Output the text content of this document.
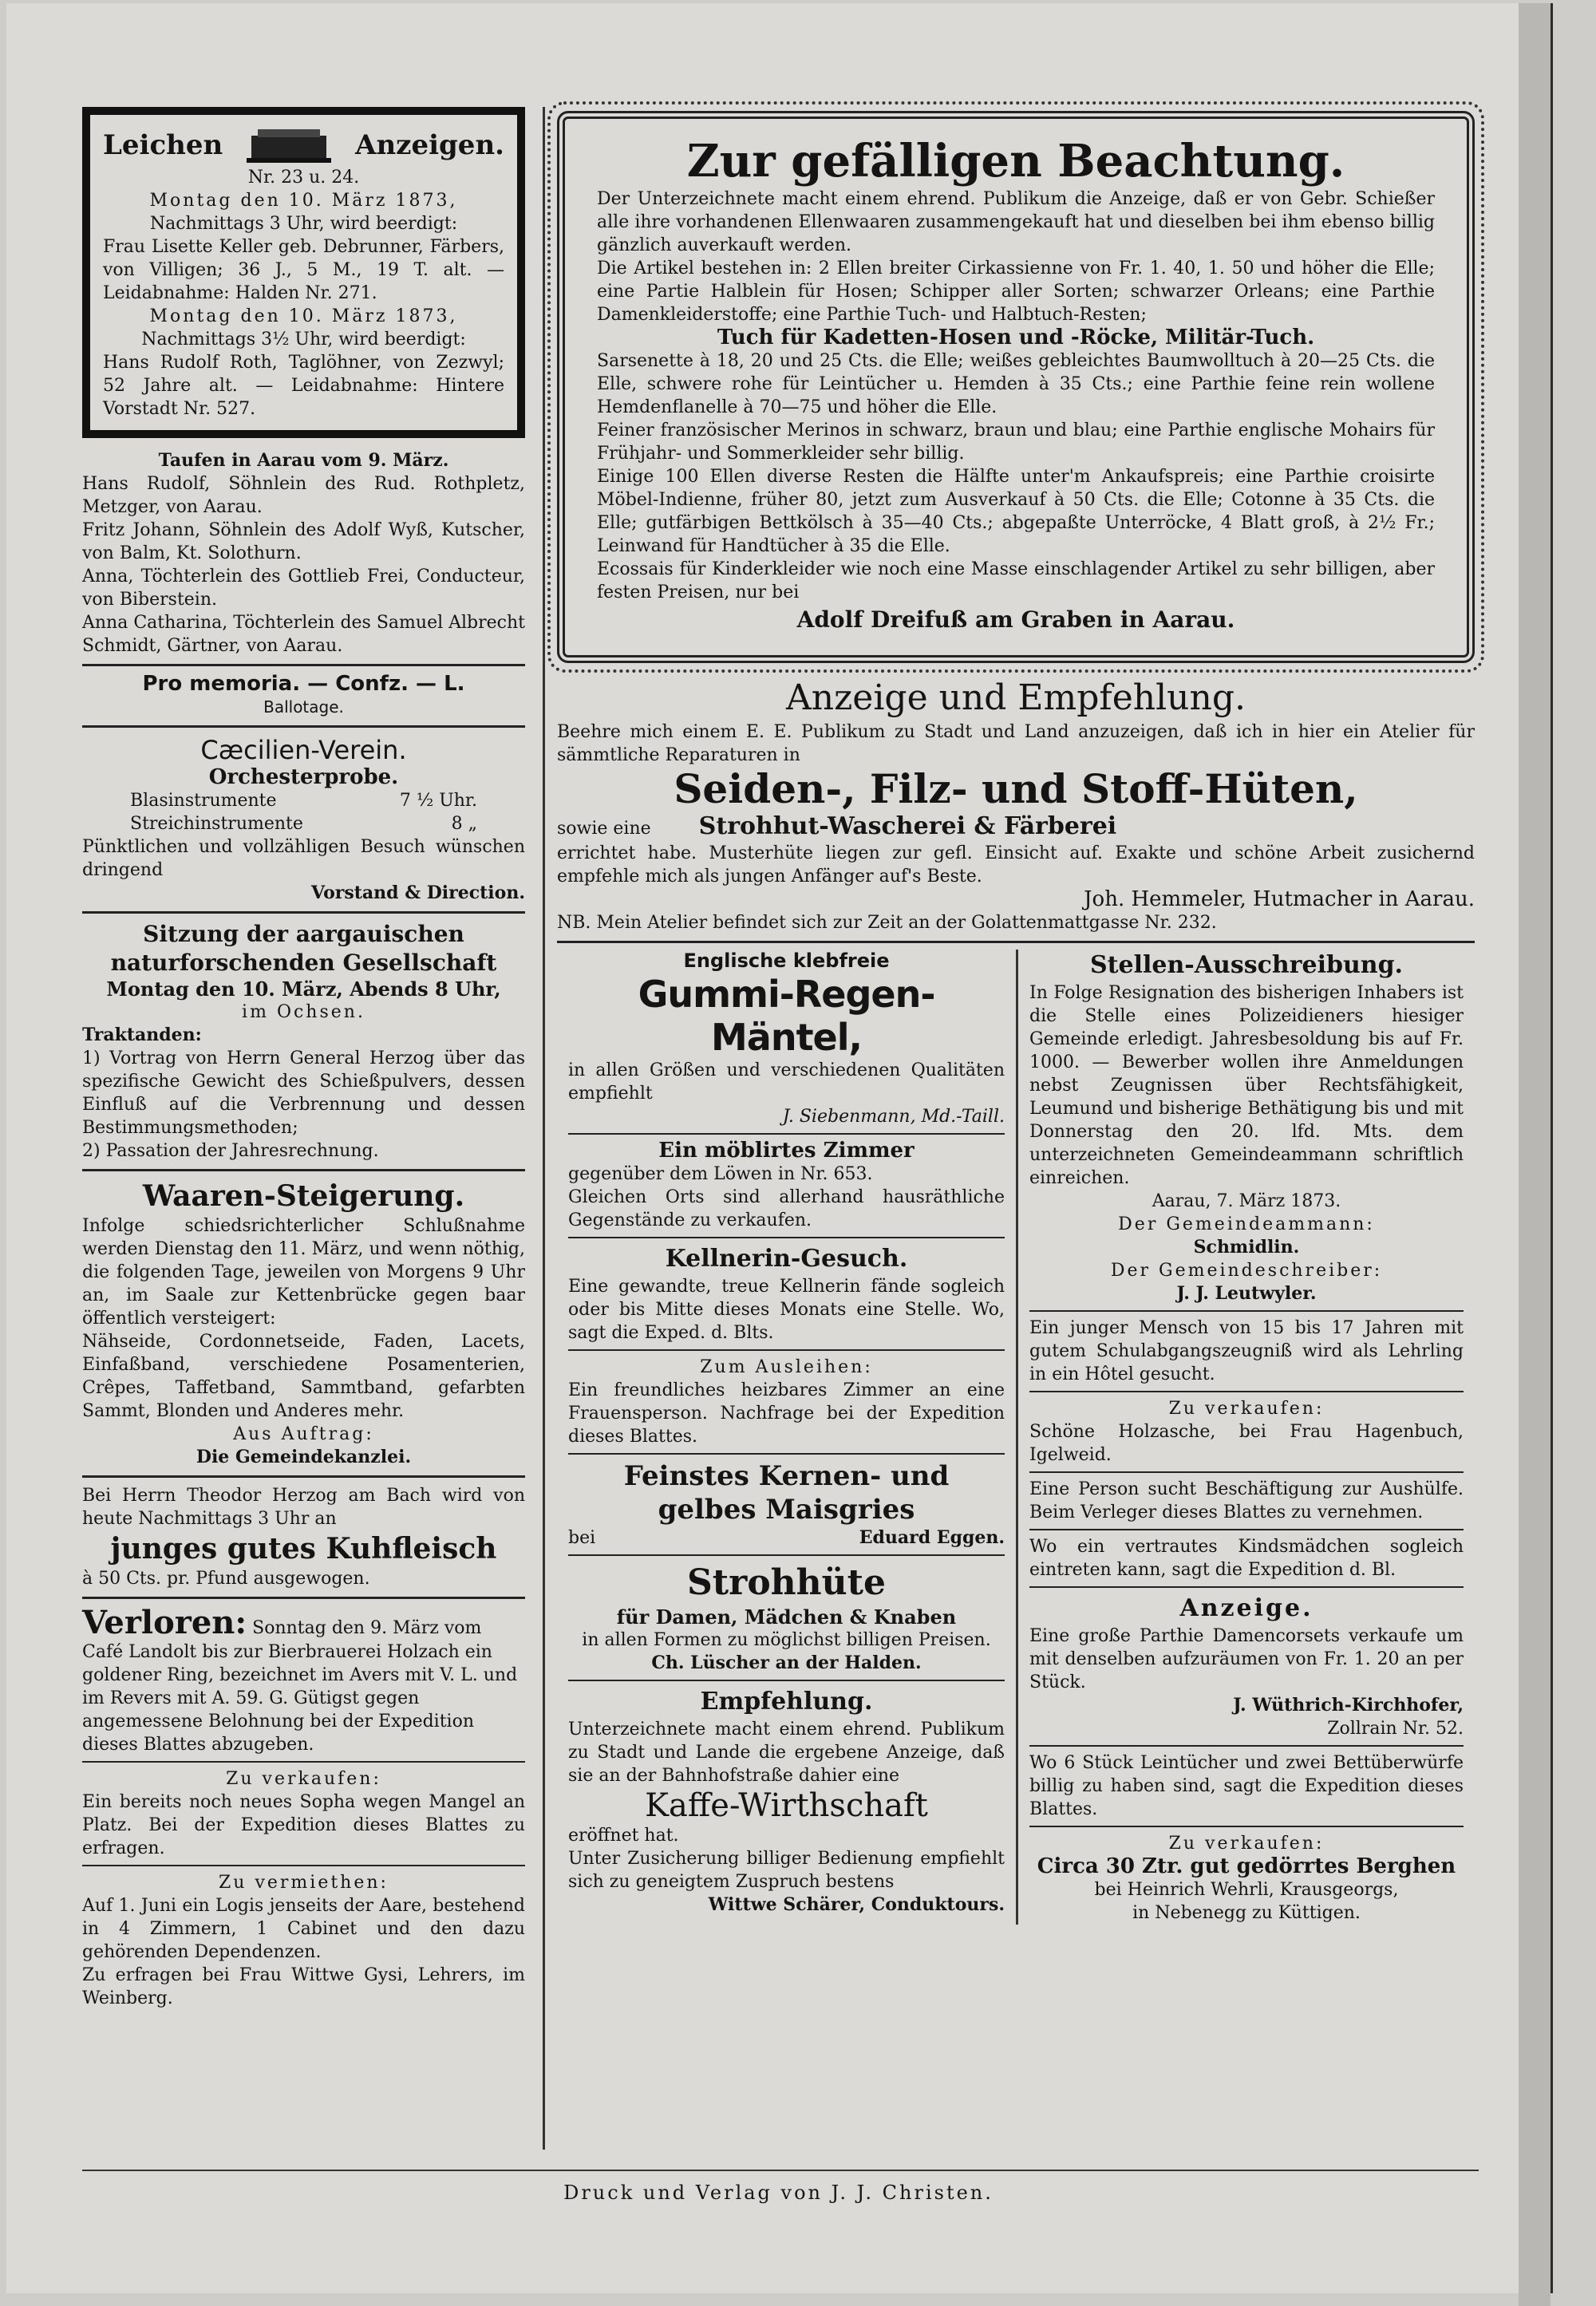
Leichen	Anzeigen.
Nr. 23 u. 24.
Montag den 10. März 1873,
Nachmittags 3 Uhr, wird beerdigt:
Frau Lisette Keller geb. Debrunner, Färbers, von Villigen; 36 J., 5 M., 19 T. alt. — Leidabnahme: Halden Nr. 271.
Montag den 10. März 1873,
Nachmittags 3½ Uhr, wird beerdigt:
Hans Rudolf Roth, Taglöhner, von Zezwyl; 52 Jahre alt. — Leidabnahme: Hintere Vorstadt Nr. 527.
Taufen in Aarau vom 9. März.
Hans Rudolf, Söhnlein des Rud. Rothpletz, Metzger, von Aarau.
Fritz Johann, Söhnlein des Adolf Wyß, Kutscher, von Balm, Kt. Solothurn.
Anna, Töchterlein des Gottlieb Frei, Conducteur, von Biberstein.
Anna Catharina, Töchterlein des Samuel Albrecht Schmidt, Gärtner, von Aarau.
Pro memoria. — Confz. — L.
Ballotage.
Cæcilien-Verein.
Orchesterprobe.
Blasinstrumente	7 ½ Uhr.
Streichinstrumente	8 „
Pünktlichen und vollzähligen Besuch wünschen dringend
Vorstand & Direction.
Sitzung der aargauischen naturforschenden Gesellschaft
Montag den 10. März, Abends 8 Uhr,
im Ochsen.
Traktanden:
1) Vortrag von Herrn General Herzog über das spezifische Gewicht des Schießpulvers, dessen Einfluß auf die Verbrennung und dessen Bestimmungsmethoden;
2) Passation der Jahresrechnung.
Waaren-Steigerung.
Infolge schiedsrichterlicher Schlußnahme werden Dienstag den 11. März, und wenn nöthig, die folgenden Tage, jeweilen von Morgens 9 Uhr an, im Saale zur Kettenbrücke gegen baar öffentlich versteigert:
Nähseide, Cordonnetseide, Faden, Lacets, Einfaßband, verschiedene Posamenterien, Crêpes, Taffetband, Sammtband, gefarbten Sammt, Blonden und Anderes mehr.
Aus Auftrag:
Die Gemeindekanzlei.
Bei Herrn Theodor Herzog am Bach wird von heute Nachmittags 3 Uhr an
junges gutes Kuhfleisch
à 50 Cts. pr. Pfund ausgewogen.
Verloren: Sonntag den 9. März vom Café Landolt bis zur Bierbrauerei Holzach ein goldener Ring, bezeichnet im Avers mit V. L. und im Revers mit A. 59. G. Gütigst gegen angemessene Belohnung bei der Expedition dieses Blattes abzugeben.
Zu verkaufen:
Ein bereits noch neues Sopha wegen Mangel an Platz. Bei der Expedition dieses Blattes zu erfragen.
Zu vermiethen:
Auf 1. Juni ein Logis jenseits der Aare, bestehend in 4 Zimmern, 1 Cabinet und den dazu gehörenden Dependenzen.
Zu erfragen bei Frau Wittwe Gysi, Lehrers, im Weinberg.
Zur gefälligen Beachtung.
Der Unterzeichnete macht einem ehrend. Publikum die Anzeige, daß er von Gebr. Schießer alle ihre vorhandenen Ellenwaaren zusammengekauft hat und dieselben bei ihm ebenso billig gänzlich auverkauft werden.
Die Artikel bestehen in: 2 Ellen breiter Cirkassienne von Fr. 1. 40, 1. 50 und höher die Elle; eine Partie Halblein für Hosen; Schipper aller Sorten; schwarzer Orleans; eine Parthie Damenkleiderstoffe; eine Parthie Tuch- und Halbtuch-Resten;
Tuch für Kadetten-Hosen und -Röcke, Militär-Tuch.
Sarsenette à 18, 20 und 25 Cts. die Elle; weißes gebleichtes Baumwolltuch à 20—25 Cts. die Elle, schwere rohe für Leintücher u. Hemden à 35 Cts.; eine Parthie feine rein wollene Hemdenflanelle à 70—75 und höher die Elle.
Feiner französischer Merinos in schwarz, braun und blau; eine Parthie englische Mohairs für Frühjahr- und Sommerkleider sehr billig.
Einige 100 Ellen diverse Resten die Hälfte unter'm Ankaufspreis; eine Parthie croisirte Möbel-Indienne, früher 80, jetzt zum Ausverkauf à 50 Cts. die Elle; Cotonne à 35 Cts. die Elle; gutfärbigen Bettkölsch à 35—40 Cts.; abgepaßte Unterröcke, 4 Blatt groß, à 2½ Fr.; Leinwand für Handtücher à 35 die Elle.
Ecossais für Kinderkleider wie noch eine Masse einschlagender Artikel zu sehr billigen, aber festen Preisen, nur bei
Adolf Dreifuß am Graben in Aarau.
Anzeige und Empfehlung.
Beehre mich einem E. E. Publikum zu Stadt und Land anzuzeigen, daß ich in hier ein Atelier für sämmtliche Reparaturen in
Seiden-, Filz- und Stoff-Hüten,
sowie eine Strohhut-Wascherei & Färberei
errichtet habe. Musterhüte liegen zur gefl. Einsicht auf. Exakte und schöne Arbeit zusichernd empfehle mich als jungen Anfänger auf's Beste.
Joh. Hemmeler, Hutmacher in Aarau.
NB. Mein Atelier befindet sich zur Zeit an der Golattenmattgasse Nr. 232.
Englische klebfreie
Gummi-Regen-Mäntel,
in allen Größen und verschiedenen Qualitäten empfiehlt
J. Siebenmann, Md.-Taill.
Ein möblirtes Zimmer
gegenüber dem Löwen in Nr. 653.
Gleichen Orts sind allerhand hausräthliche Gegenstände zu verkaufen.
Kellnerin-Gesuch.
Eine gewandte, treue Kellnerin fände sogleich oder bis Mitte dieses Monats eine Stelle. Wo, sagt die Exped. d. Blts.
Zum Ausleihen:
Ein freundliches heizbares Zimmer an eine Frauensperson. Nachfrage bei der Expedition dieses Blattes.
Feinstes Kernen- und
gelbes Maisgries
bei	Eduard Eggen.
Strohhüte
für Damen, Mädchen & Knaben
in allen Formen zu möglichst billigen Preisen.
Ch. Lüscher an der Halden.
Empfehlung.
Unterzeichnete macht einem ehrend. Publikum zu Stadt und Lande die ergebene Anzeige, daß sie an der Bahnhofstraße dahier eine
Kaffe-Wirthschaft
eröffnet hat.
Unter Zusicherung billiger Bedienung empfiehlt sich zu geneigtem Zuspruch bestens
Wittwe Schärer, Conduktours.
Stellen-Ausschreibung.
In Folge Resignation des bisherigen Inhabers ist die Stelle eines Polizeidieners hiesiger Gemeinde erledigt. Jahresbesoldung bis auf Fr. 1000. — Bewerber wollen ihre Anmeldungen nebst Zeugnissen über Rechtsfähigkeit, Leumund und bisherige Bethätigung bis und mit Donnerstag den 20. lfd. Mts. dem unterzeichneten Gemeindeammann schriftlich einreichen.
Aarau, 7. März 1873.
Der Gemeindeammann:
Schmidlin.
Der Gemeindeschreiber:
J. J. Leutwyler.
Ein junger Mensch von 15 bis 17 Jahren mit gutem Schulabgangszeugniß wird als Lehrling in ein Hôtel gesucht.
Zu verkaufen:
Schöne Holzasche, bei Frau Hagenbuch, Igelweid.
Eine Person sucht Beschäftigung zur Aushülfe. Beim Verleger dieses Blattes zu vernehmen.
Wo ein vertrautes Kindsmädchen sogleich eintreten kann, sagt die Expedition d. Bl.
Anzeige.
Eine große Parthie Damencorsets verkaufe um mit denselben aufzuräumen von Fr. 1. 20 an per Stück.
J. Wüthrich-Kirchhofer,
Zollrain Nr. 52.
Wo 6 Stück Leintücher und zwei Bettüberwürfe billig zu haben sind, sagt die Expedition dieses Blattes.
Zu verkaufen:
Circa 30 Ztr. gut gedörrtes Berghen
bei Heinrich Wehrli, Krausgeorgs,
in Nebenegg zu Küttigen.
Druck und Verlag von J. J. Christen.
